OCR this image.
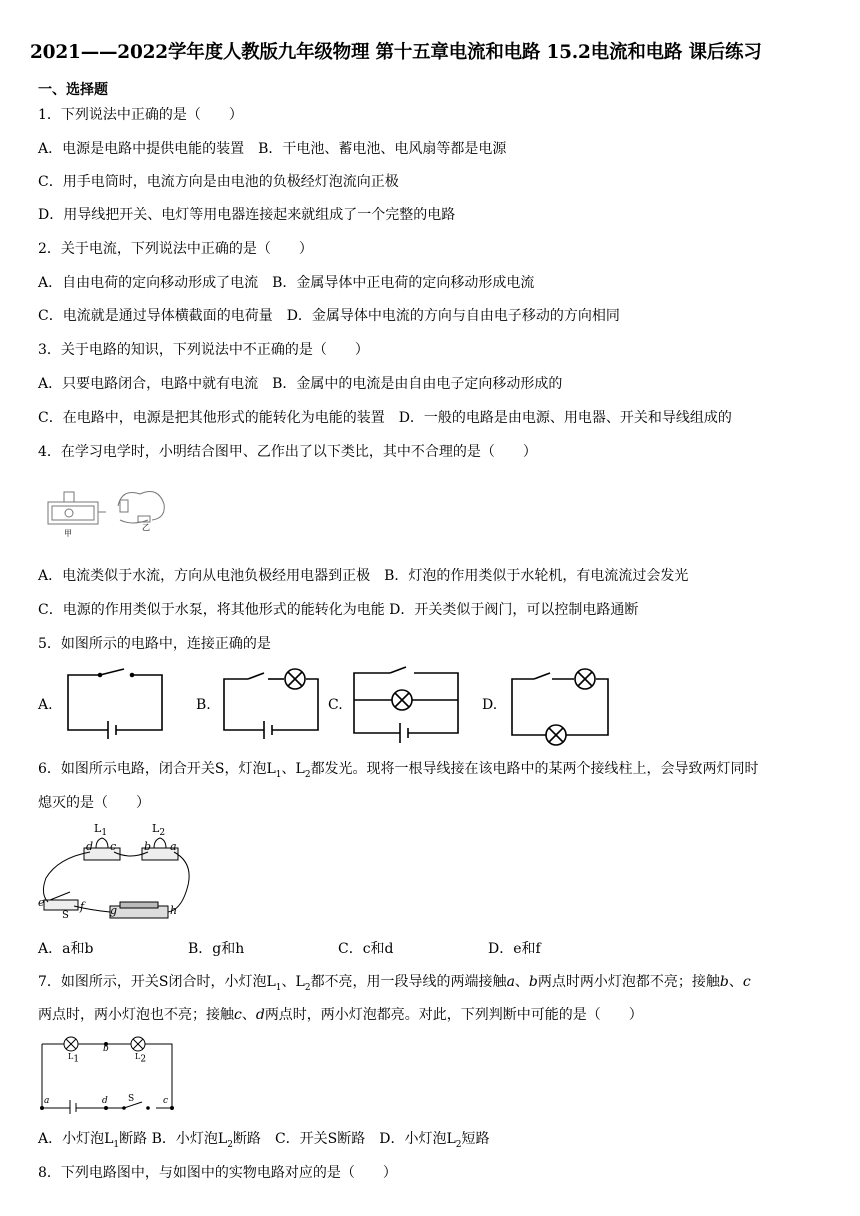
2021——2022学年度人教版九年级物理 第十五章电流和电路 15.2电流和电路 课后练习
一、选择题
1．下列说法中正确的是（　　）
A．电源是电路中提供电能的装置　B．干电池、蓄电池、电风扇等都是电源
C．用手电筒时，电流方向是由电池的负极经灯泡流向正极
D．用导线把开关、电灯等用电器连接起来就组成了一个完整的电路
2．关于电流，下列说法中正确的是（　　）
A．自由电荷的定向移动形成了电流　B．金属导体中正电荷的定向移动形成电流
C．电流就是通过导体横截面的电荷量　D．金属导体中电流的方向与自由电子移动的方向相同
3．关于电路的知识，下列说法中不正确的是（　　）
A．只要电路闭合，电路中就有电流　B．金属中的电流是由自由电子定向移动形成的
C．在电路中，电源是把其他形式的能转化为电能的装置　D．一般的电路是由电源、用电器、开关和导线组成的
4．在学习电学时，小明结合图甲、乙作出了以下类比，其中不合理的是（　　）
甲
乙
A．电流类似于水流，方向从电池负极经用电器到正极　B．灯泡的作用类似于水轮机，有电流流过会发光
C．电源的作用类似于水泵，将其他形式的能转化为电能 D．开关类似于阀门，可以控制电路通断
5．如图所示的电路中，连接正确的是
A.	B.	C.	D.
6．如图所示电路，闭合开关S，灯泡$L_1$、$L_2$都发光。现将一根导线接在该电路中的某两个接线柱上，会导致两灯同时
熄灭的是（　　）
$L_1$	$L_2$
d c	b a
e	f
S	g	h
A．a和b	B．g和h	C．c和d	D．e和f
7．如图所示，开关S闭合时，小灯泡$L_1$、$L_2$都不亮，用一段导线的两端接触a、b两点时两小灯泡都不亮；接触b、c
两点时，两小灯泡也不亮；接触c、d两点时，两小灯泡都亮。对此，下列判断中可能的是（　　）
$L_1$	$L_2$
b
a	d S	c
A．小灯泡$L_1$断路 B．小灯泡$L_2$断路　 C．开关S断路　 D．小灯泡$L_2$短路
8．下列电路图中，与如图中的实物电路对应的是（　　）
